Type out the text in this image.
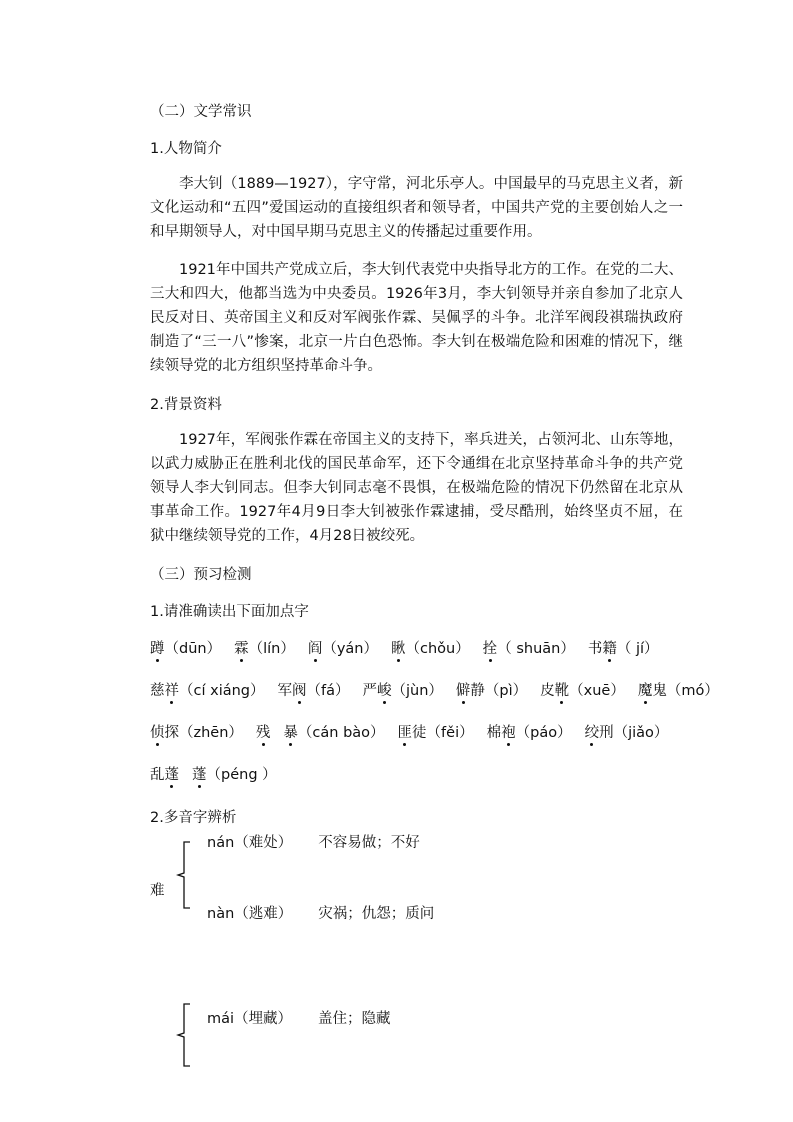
（二）文学常识
1.人物简介
李大钊（1889—1927），字守常，河北乐亭人。中国最早的马克思主义者，新文化运动和“五四”爱国运动的直接组织者和领导者，中国共产党的主要创始人之一和早期领导人，对中国早期马克思主义的传播起过重要作用。
1921年中国共产党成立后，李大钊代表党中央指导北方的工作。在党的二大、三大和四大，他都当选为中央委员。1926年3月，李大钊领导并亲自参加了北京人民反对日、英帝国主义和反对军阀张作霖、吴佩孚的斗争。北洋军阀段祺瑞执政府制造了“三一八”惨案，北京一片白色恐怖。李大钊在极端危险和困难的情况下，继续领导党的北方组织坚持革命斗争。
2.背景资料
1927年，军阀张作霖在帝国主义的支持下，率兵进关，占领河北、山东等地，以武力威胁正在胜利北伐的国民革命军，还下令通缉在北京坚持革命斗争的共产党领导人李大钊同志。但李大钊同志毫不畏惧，在极端危险的情况下仍然留在北京从事革命工作。1927年4月9日李大钊被张作霖逮捕，受尽酷刑，始终坚贞不屈，在狱中继续领导党的工作，4月28日被绞死。
（三）预习检测
1.请准确读出下面加点字
蹲（dūn） 霖（lín） 阎（yán） 瞅（chǒu） 拴（ shuān） 书籍（ jí）
慈祥（cí xiáng） 军阀（fá） 严峻（jùn） 僻静（pì） 皮靴（xuē） 魔鬼（mó）
侦探（zhēn） 残 暴（cán bào） 匪徒（fěi） 棉袍（páo） 绞刑（jiǎo）
乱蓬 蓬（péng ）
2.多音字辨析
难
nán（难处） 不容易做；不好
nàn（逃难） 灾祸；仇怨；质问
mái（埋藏） 盖住；隐藏
